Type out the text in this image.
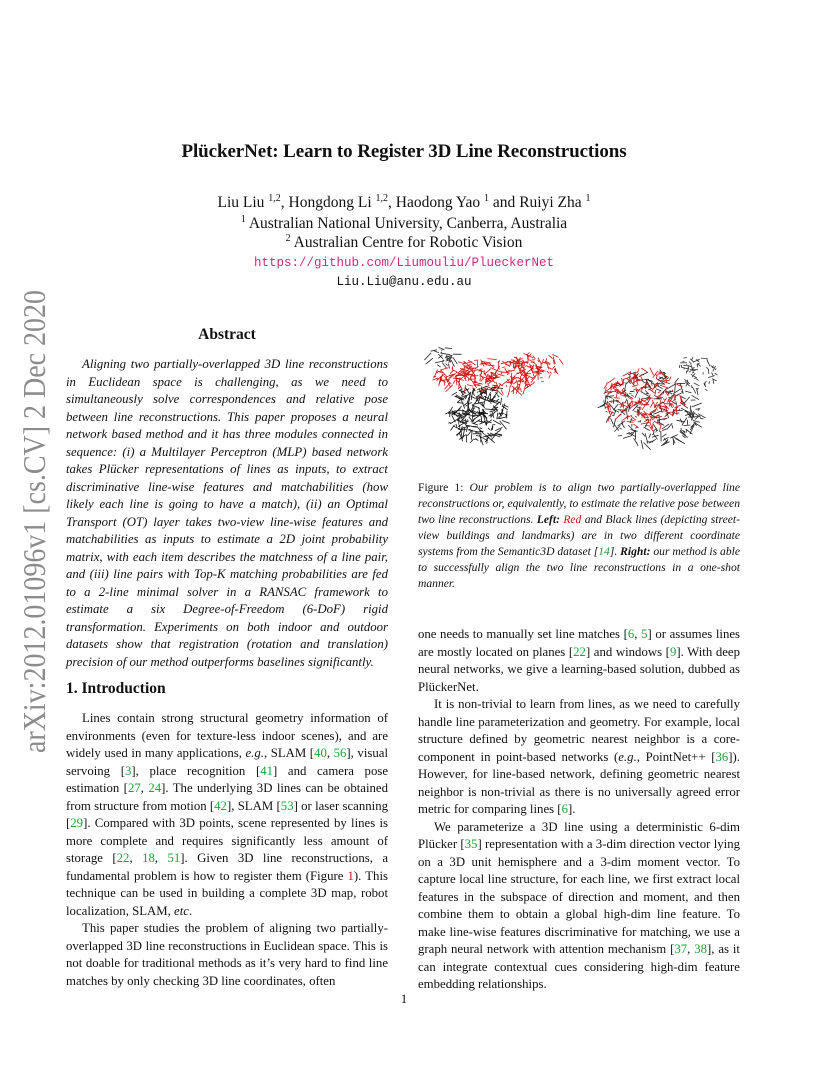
arXiv:2012.01096v1 [cs.CV] 2 Dec 2020
PlückerNet: Learn to Register 3D Line Reconstructions
Liu Liu $^{1,2}$, Hongdong Li $^{1,2}$, Haodong Yao $^1$ and Ruiyi Zha $^1$
$^1$ Australian National University, Canberra, Australia
$^2$ Australian Centre for Robotic Vision
https://github.com/Liumouliu/PlueckerNet
Liu.Liu@anu.edu.au
Abstract
Aligning two partially-overlapped 3D line reconstructions in Euclidean space is challenging, as we need to simultaneously solve correspondences and relative pose between line reconstructions. This paper proposes a neural network based method and it has three modules connected in sequence: (i) a Multilayer Perceptron (MLP) based network takes Plücker representations of lines as inputs, to extract discriminative line-wise features and matchabilities (how likely each line is going to have a match), (ii) an Optimal Transport (OT) layer takes two-view line-wise features and matchabilities as inputs to estimate a 2D joint probability matrix, with each item describes the matchness of a line pair, and (iii) line pairs with Top-K matching probabilities are fed to a 2-line minimal solver in a RANSAC framework to estimate a six Degree-of-Freedom (6-DoF) rigid transformation. Experiments on both indoor and outdoor datasets show that registration (rotation and translation) precision of our method outperforms baselines significantly.
1. Introduction

Lines contain strong structural geometry information of environments (even for texture-less indoor scenes), and are widely used in many applications, e.g., SLAM [40, 56], visual servoing [3], place recognition [41] and camera pose estimation [27, 24]. The underlying 3D lines can be obtained from structure from motion [42], SLAM [53] or laser scanning [29]. Compared with 3D points, scene represented by lines is more complete and requires significantly less amount of storage [22, 18, 51]. Given 3D line reconstructions, a fundamental problem is how to register them (Figure 1). This technique can be used in building a complete 3D map, robot localization, SLAM, etc.

This paper studies the problem of aligning two partially-overlapped 3D line reconstructions in Euclidean space. This is not doable for traditional methods as it’s very hard to find line matches by only checking 3D line coordinates, often

Figure 1: Our problem is to align two partially-overlapped line reconstructions or, equivalently, to estimate the relative pose between two line reconstructions. Left: Red and Black lines (depicting street-view buildings and landmarks) are in two different coordinate systems from the Semantic3D dataset [14]. Right: our method is able to successfully align the two line reconstructions in a one-shot manner.

one needs to manually set line matches [6, 5] or assumes lines are mostly located on planes [22] and windows [9]. With deep neural networks, we give a learning-based solution, dubbed as PlückerNet.

It is non-trivial to learn from lines, as we need to carefully handle line parameterization and geometry. For example, local structure defined by geometric nearest neighbor is a core-component in point-based networks (e.g., PointNet++ [36]). However, for line-based network, defining geometric nearest neighbor is non-trivial as there is no universally agreed error metric for comparing lines [6].

We parameterize a 3D line using a deterministic 6-dim Plücker [35] representation with a 3-dim direction vector lying on a 3D unit hemisphere and a 3-dim moment vector. To capture local line structure, for each line, we first extract local features in the subspace of direction and moment, and then combine them to obtain a global high-dim line feature. To make line-wise features discriminative for matching, we use a graph neural network with attention mechanism [37, 38], as it can integrate contextual cues considering high-dim feature embedding relationships.

1
